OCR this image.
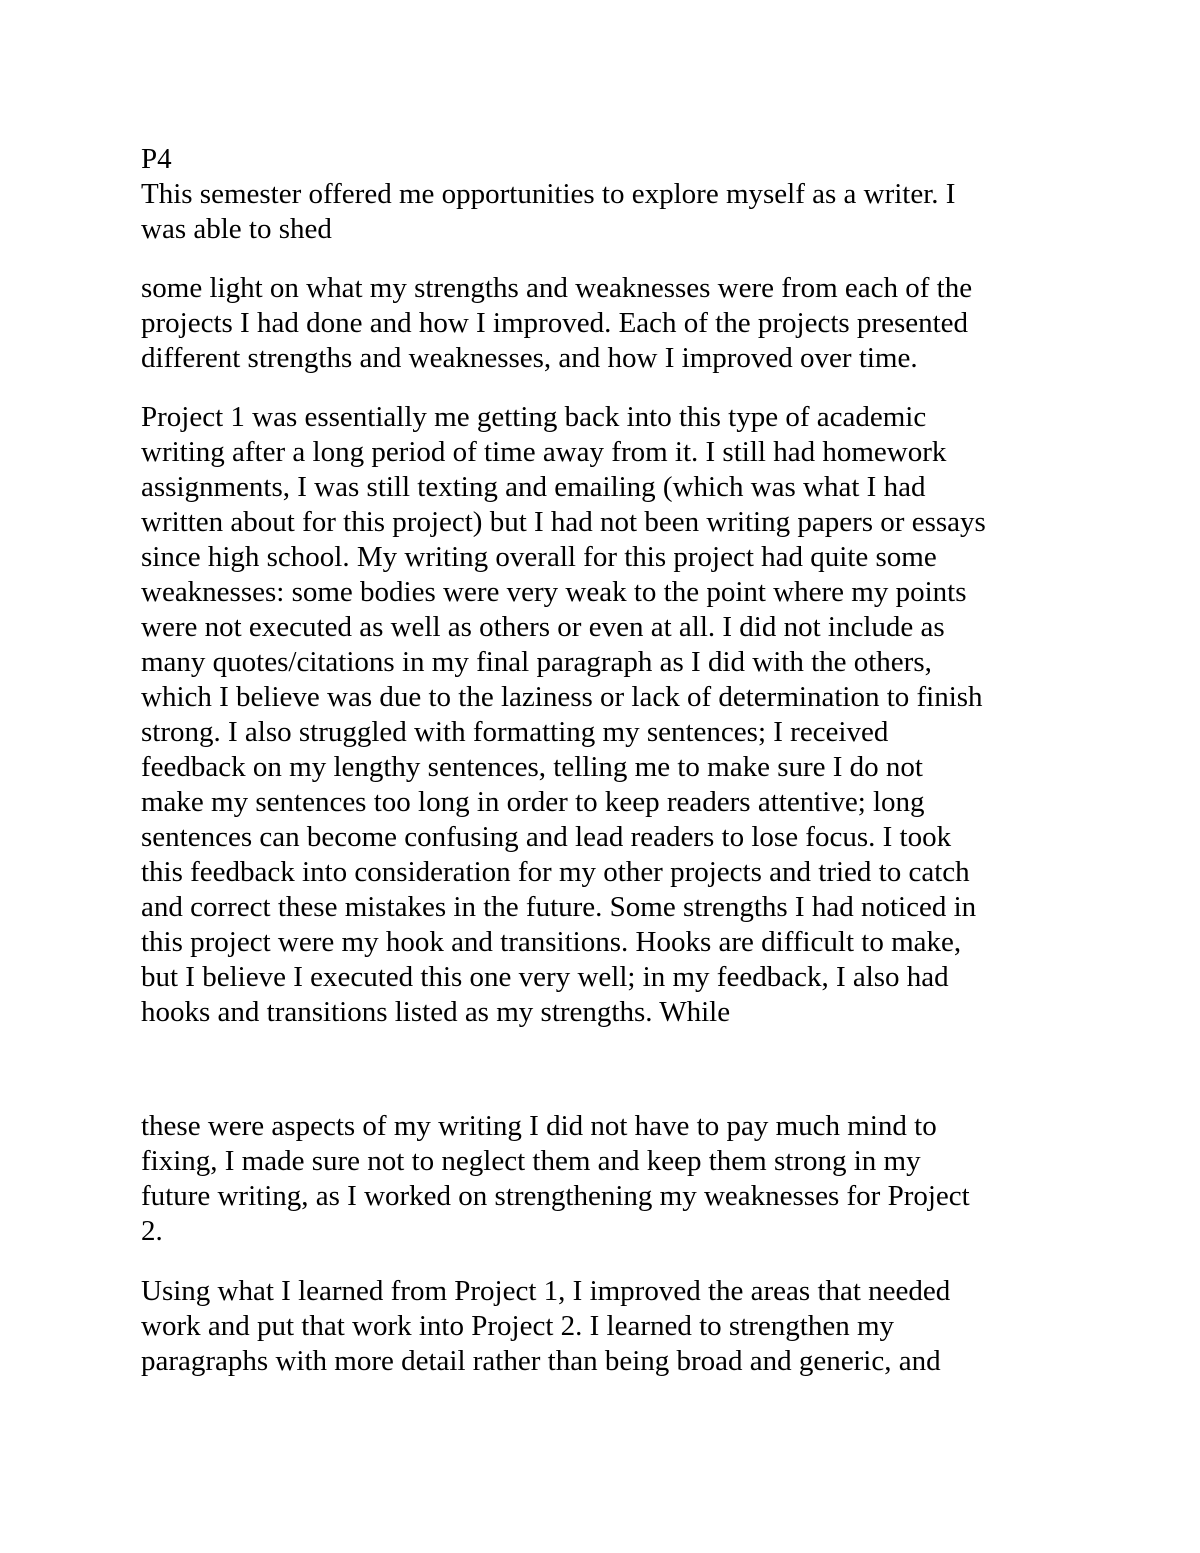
P4

This semester offered me opportunities to explore myself as a writer. I
was able to shed

some light on what my strengths and weaknesses were from each of the
projects I had done and how I improved. Each of the projects presented
different strengths and weaknesses, and how I improved over time.

Project 1 was essentially me getting back into this type of academic
writing after a long period of time away from it. I still had homework
assignments, I was still texting and emailing (which was what I had
written about for this project) but I had not been writing papers or essays
since high school. My writing overall for this project had quite some
weaknesses: some bodies were very weak to the point where my points
were not executed as well as others or even at all. I did not include as
many quotes/citations in my final paragraph as I did with the others,
which I believe was due to the laziness or lack of determination to finish
strong. I also struggled with formatting my sentences; I received
feedback on my lengthy sentences, telling me to make sure I do not
make my sentences too long in order to keep readers attentive; long
sentences can become confusing and lead readers to lose focus. I took
this feedback into consideration for my other projects and tried to catch
and correct these mistakes in the future. Some strengths I had noticed in
this project were my hook and transitions. Hooks are difficult to make,
but I believe I executed this one very well; in my feedback, I also had
hooks and transitions listed as my strengths. While

these were aspects of my writing I did not have to pay much mind to
fixing, I made sure not to neglect them and keep them strong in my
future writing, as I worked on strengthening my weaknesses for Project
2.

Using what I learned from Project 1, I improved the areas that needed
work and put that work into Project 2. I learned to strengthen my
paragraphs with more detail rather than being broad and generic, and
